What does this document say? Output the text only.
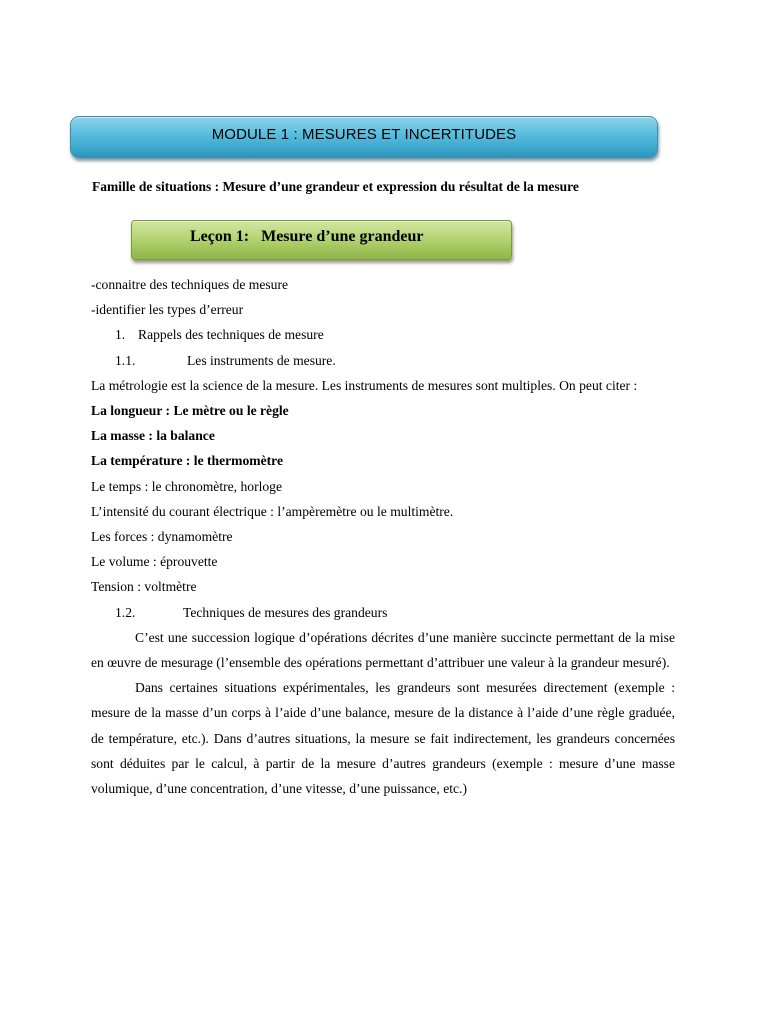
MODULE 1 : MESURES ET INCERTITUDES
Famille de situations : Mesure d’une grandeur et expression du résultat de la mesure
Leçon 1:   Mesure d’une grandeur

-connaitre des techniques de mesure

-identifier les types d’erreur

1. Rappels des techniques de mesure

1.1.	Les instruments de mesure.

La métrologie est la science de la mesure. Les instruments de mesures sont multiples. On peut citer :

La longueur : Le mètre ou le règle

La masse : la balance

La température : le thermomètre

Le temps : le chronomètre, horloge

L’intensité du courant électrique : l’ampèremètre ou le multimètre.

Les forces : dynamomètre

Le volume : éprouvette

Tension : voltmètre

1.2.	Techniques de mesures des grandeurs

C’est une succession logique d’opérations décrites d’une manière succincte permettant de la mise en œuvre de mesurage (l’ensemble des opérations permettant d’attribuer une valeur à la grandeur mesuré).

Dans certaines situations expérimentales, les grandeurs sont mesurées directement (exemple : mesure de la masse d’un corps à l’aide d’une balance, mesure de la distance à l’aide d’une règle graduée, de température, etc.). Dans d’autres situations, la mesure se fait indirectement, les grandeurs concernées sont déduites par le calcul, à partir de la mesure d’autres grandeurs (exemple : mesure d’une masse volumique, d’une concentration, d’une vitesse, d’une puissance, etc.)
